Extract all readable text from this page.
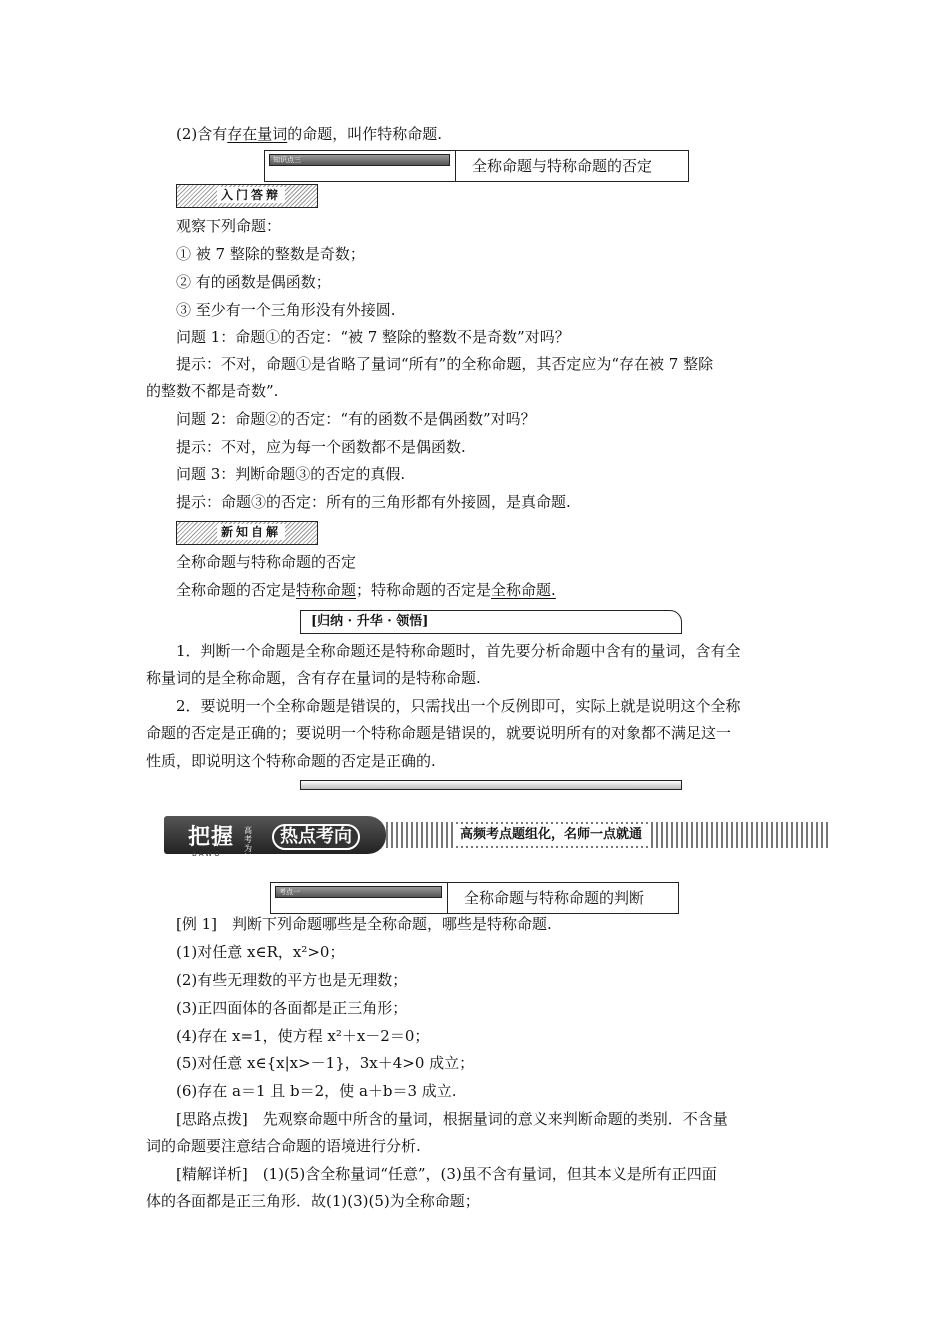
(2)含有存在量词的命题，叫作特称命题.
知识点三	全称命题与特称命题的否定
入门答辩
观察下列命题：
① 被 7 整除的整数是奇数；
② 有的函数是偶函数；
③ 至少有一个三角形没有外接圆.
问题 1：命题①的否定：“被 7 整除的整数不是奇数”对吗？
提示：不对，命题①是省略了量词“所有”的全称命题，其否定应为“存在被 7 整除
的整数不都是奇数”.
问题 2：命题②的否定：“有的函数不是偶函数”对吗？
提示：不对，应为每一个函数都不是偶函数.
问题 3：判断命题③的否定的真假.
提示：命题③的否定：所有的三角形都有外接圆，是真命题.
新知自解
全称命题与特称命题的否定
全称命题的否定是特称命题；特称命题的否定是全称命题.
[归纳 · 升华 · 领悟]
1．判断一个命题是全称命题还是特称命题时，首先要分析命题中含有的量词，含有全
称量词的是全称命题，含有存在量词的是特称命题.
2．要说明一个全称命题是错误的，只需找出一个反例即可，实际上就是说明这个全称
命题的否定是正确的；要说明一个特称命题是错误的，就要说明所有的对象都不满足这一
性质，即说明这个特称命题的否定是正确的.
把握 高考为标
热点考向
BAWO
高频考点题组化，名师一点就通
考点一	全称命题与特称命题的判断
[例 1]　判断下列命题哪些是全称命题，哪些是特称命题.
(1)对任意 x∈R，x²>0；
(2)有些无理数的平方也是无理数；
(3)正四面体的各面都是正三角形；
(4)存在 x=1，使方程 x²＋x－2＝0；
(5)对任意 x∈{x|x>－1}，3x＋4>0 成立；
(6)存在 a＝1 且 b＝2，使 a＋b＝3 成立.
[思路点拨]　先观察命题中所含的量词，根据量词的意义来判断命题的类别．不含量
词的命题要注意结合命题的语境进行分析.
[精解详析]　(1)(5)含全称量词“任意”，(3)虽不含有量词，但其本义是所有正四面
体的各面都是正三角形．故(1)(3)(5)为全称命题；
